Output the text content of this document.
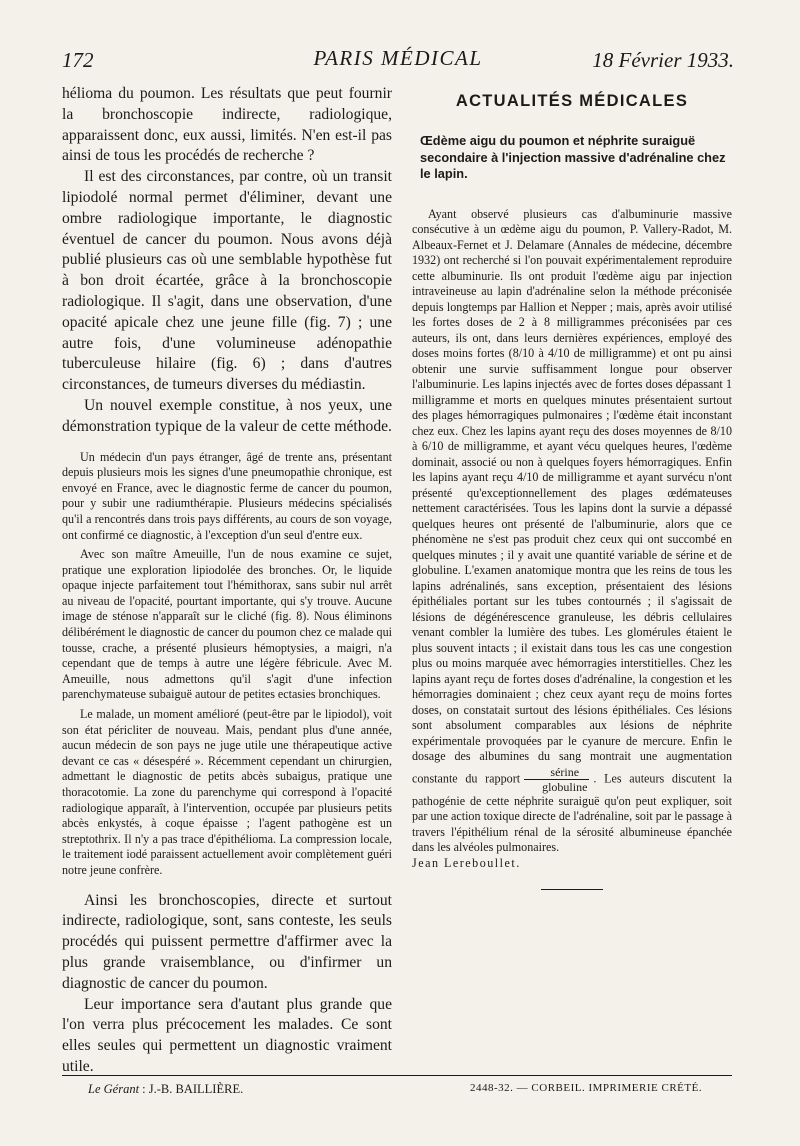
172	PARIS MÉDICAL	18 Février 1933.

hélioma du poumon. Les résultats que peut fournir la bronchoscopie indirecte, radiologique, apparaissent donc, eux aussi, limités. N'en est-il pas ainsi de tous les procédés de recherche ?

Il est des circonstances, par contre, où un transit lipiodolé normal permet d'éliminer, devant une ombre radiologique importante, le diagnostic éventuel de cancer du poumon. Nous avons déjà publié plusieurs cas où une semblable hypothèse fut à bon droit écartée, grâce à la bronchoscopie radiologique. Il s'agit, dans une observation, d'une opacité apicale chez une jeune fille (fig. 7) ; une autre fois, d'une volumineuse adénopathie tuberculeuse hilaire (fig. 6) ; dans d'autres circonstances, de tumeurs diverses du médiastin.

Un nouvel exemple constitue, à nos yeux, une démonstration typique de la valeur de cette méthode.

Un médecin d'un pays étranger, âgé de trente ans, présentant depuis plusieurs mois les signes d'une pneumopathie chronique, est envoyé en France, avec le diagnostic ferme de cancer du poumon, pour y subir une radiumthérapie. Plusieurs médecins spécialisés qu'il a rencontrés dans trois pays différents, au cours de son voyage, ont confirmé ce diagnostic, à l'exception d'un seul d'entre eux.

Avec son maître Ameuille, l'un de nous examine ce sujet, pratique une exploration lipiodolée des bronches. Or, le liquide opaque injecte parfaitement tout l'hémithorax, sans subir nul arrêt au niveau de l'opacité, pourtant importante, qui s'y trouve. Aucune image de sténose n'apparaît sur le cliché (fig. 8). Nous éliminons délibérément le diagnostic de cancer du poumon chez ce malade qui tousse, crache, a présenté plusieurs hémoptysies, a maigri, n'a cependant que de temps à autre une légère fébricule. Avec M. Ameuille, nous admettons qu'il s'agit d'une infection parenchymateuse subaiguë autour de petites ectasies bronchiques.

Le malade, un moment amélioré (peut-être par le lipiodol), voit son état péricliter de nouveau. Mais, pendant plus d'une année, aucun médecin de son pays ne juge utile une thérapeutique active devant ce cas « désespéré ». Récemment cependant un chirurgien, admettant le diagnostic de petits abcès subaigus, pratique une thoracotomie. La zone du parenchyme qui correspond à l'opacité radiologique apparaît, à l'intervention, occupée par plusieurs petits abcès enkystés, à coque épaisse ; l'agent pathogène est un streptothrix. Il n'y a pas trace d'épithélioma. La compression locale, le traitement iodé paraissent actuellement avoir complètement guéri notre jeune confrère.

Ainsi les bronchoscopies, directe et surtout indirecte, radiologique, sont, sans conteste, les seuls procédés qui puissent permettre d'affirmer avec la plus grande vraisemblance, ou d'infirmer un diagnostic de cancer du poumon.

Leur importance sera d'autant plus grande que l'on verra plus précocement les malades. Ce sont elles seules qui permettent un diagnostic vraiment utile.

ACTUALITÉS MÉDICALES
Œdème aigu du poumon et néphrite suraiguë secondaire à l'injection massive d'adrénaline chez le lapin.

Ayant observé plusieurs cas d'albuminurie massive consécutive à un œdème aigu du poumon, P. Vallery-Radot, M. Albeaux-Fernet et J. Delamare (Annales de médecine, décembre 1932) ont recherché si l'on pouvait expérimentalement reproduire cette albuminurie. Ils ont produit l'œdème aigu par injection intraveineuse au lapin d'adrénaline selon la méthode préconisée depuis longtemps par Hallion et Nepper ; mais, après avoir utilisé les fortes doses de 2 à 8 milligrammes préconisées par ces auteurs, ils ont, dans leurs dernières expériences, employé des doses moins fortes (8/10 à 4/10 de milligramme) et ont pu ainsi obtenir une survie suffisamment longue pour observer l'albuminurie. Les lapins injectés avec de fortes doses dépassant 1 milligramme et morts en quelques minutes présentaient surtout des plages hémorragiques pulmonaires ; l'œdème était inconstant chez eux. Chez les lapins ayant reçu des doses moyennes de 8/10 à 6/10 de milligramme, et ayant vécu quelques heures, l'œdème dominait, associé ou non à quelques foyers hémorragiques. Enfin les lapins ayant reçu 4/10 de milligramme et ayant survécu n'ont présenté qu'exceptionnellement des plages œdémateuses nettement caractérisées. Tous les lapins dont la survie a dépassé quelques heures ont présenté de l'albuminurie, alors que ce phénomène ne s'est pas produit chez ceux qui ont succombé en quelques minutes ; il y avait une quantité variable de sérine et de globuline. L'examen anatomique montra que les reins de tous les lapins adrénalinés, sans exception, présentaient des lésions épithéliales portant sur les tubes contournés ; il s'agissait de lésions de dégénérescence granuleuse, les débris cellulaires venant combler la lumière des tubes. Les glomérules étaient le plus souvent intacts ; il existait dans tous les cas une congestion plus ou moins marquée avec hémorragies interstitielles. Chez les lapins ayant reçu de fortes doses d'adrénaline, la congestion et les hémorragies dominaient ; chez ceux ayant reçu de moins fortes doses, on constatait surtout des lésions épithéliales. Ces lésions sont absolument comparables aux lésions de néphrite expérimentale provoquées par le cyanure de mercure. Enfin le dosage des albumines du sang montrait une augmentation constante du rapport $\frac{\text{sérine}}{\text{globuline}}$ . Les auteurs discutent la pathogénie de cette néphrite suraiguë qu'on peut expliquer, soit par une action toxique directe de l'adrénaline, soit par le passage à travers l'épithélium rénal de la sérosité albumineuse épanchée dans les alvéoles pulmonaires.

Jean Lereboullet.

Le Gérant : J.-B. BAILLIÈRE.	2448-32. — CORBEIL. IMPRIMERIE CRÉTÉ.
